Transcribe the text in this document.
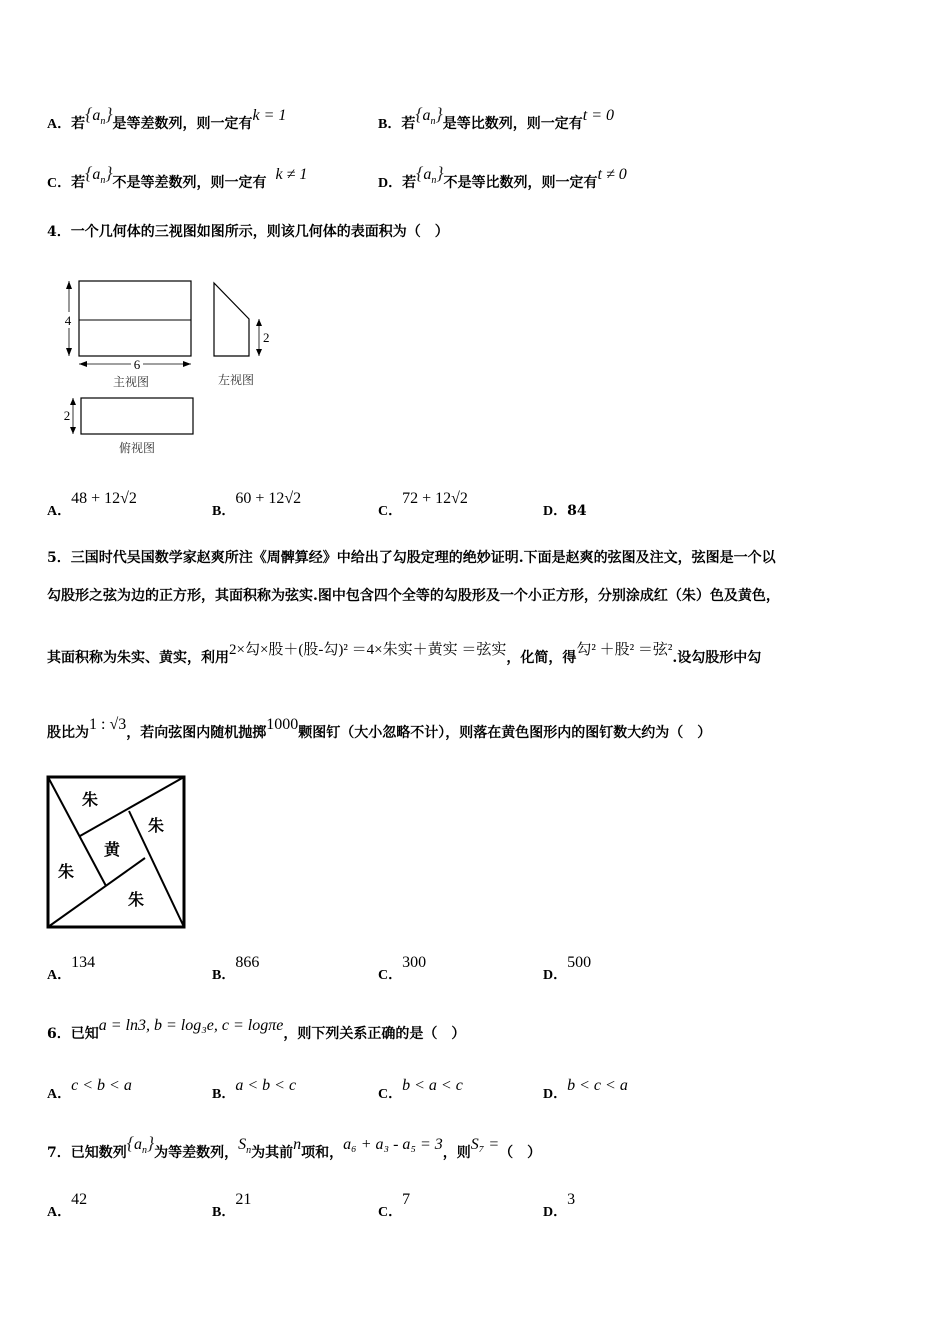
A．若$\{a_n\}$是等差数列，则一定有k = 1
B．若$\{a_n\}$是等比数列，则一定有t = 0
C．若$\{a_n\}$不是等差数列，则一定有 k ≠ 1
D．若$\{a_n\}$不是等比数列，则一定有t ≠ 0
4．一个几何体的三视图如图所示，则该几何体的表面积为（　）
4
6
主视图
2
左视图
2
俯视图
A．48 + 12√2
B．60 + 12√2
C．72 + 12√2
D．84
5．三国时代吴国数学家赵爽所注《周髀算经》中给出了勾股定理的绝妙证明.下面是赵爽的弦图及注文，弦图是一个以
勾股形之弦为边的正方形，其面积称为弦实.图中包含四个全等的勾股形及一个小正方形，分别涂成红（朱）色及黄色，
其面积称为朱实、黄实，利用2×勾×股＋(股-勾)² ＝4×朱实＋黄实 ＝弦实，化简，得勾² ＋股² ＝弦².设勾股形中勾
股比为1 : √3，若向弦图内随机抛掷1000颗图钉（大小忽略不计），则落在黄色图形内的图钉数大约为（　）
朱
朱
黄
朱
朱
A．134
B．866
C．300
D．500
6．已知a = ln3, b = log₃e, c = logπe，则下列关系正确的是（　）
A．c < b < a
B．a < b < c
C．b < a < c
D．b < c < a
7．已知数列$\{a_n\}$为等差数列，$S_n$为其前n项和，a₆ + a₃ - a₅ = 3，则S₇ =（　）
A．42
B．21
C．7
D．3
